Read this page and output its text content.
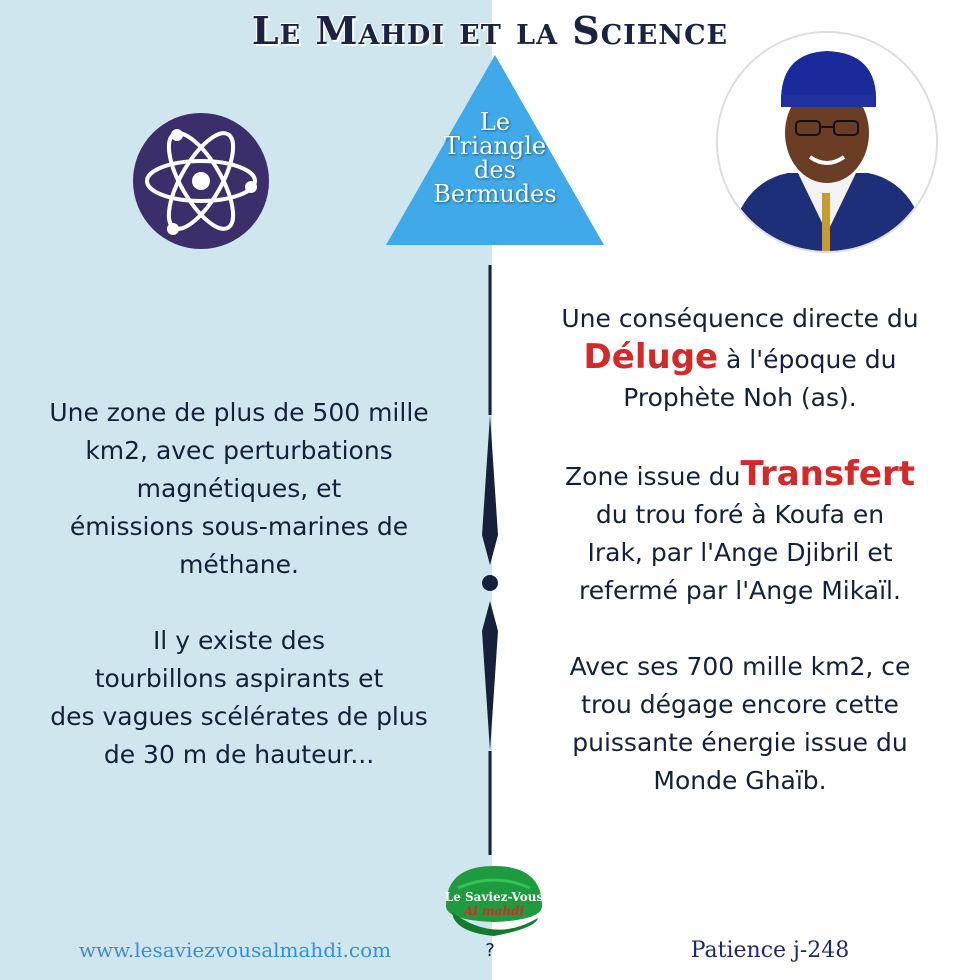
Le Mahdi et la Science
Le
Triangle
des
Bermudes

Une zone de plus de 500 mille

km2, avec perturbations

magnétiques, et

émissions sous-marines de

méthane.

Il y existe des

tourbillons aspirants et

des vagues scélérates de plus

de 30 m de hauteur...

Une conséquence directe du

Déluge à l'époque du

Prophète Noh (as).

Zone issue duTransfert

du trou foré à Koufa en

Irak, par l'Ange Djibril et

refermé par l'Ange Mikaïl.

Avec ses 700 mille km2, ce

trou dégage encore cette

puissante énergie issue du

Monde Ghaïb.

Le Saviez-Vous
Al mahdi
www.lesaviezvousalmahdi.com	?	Patience j-248
